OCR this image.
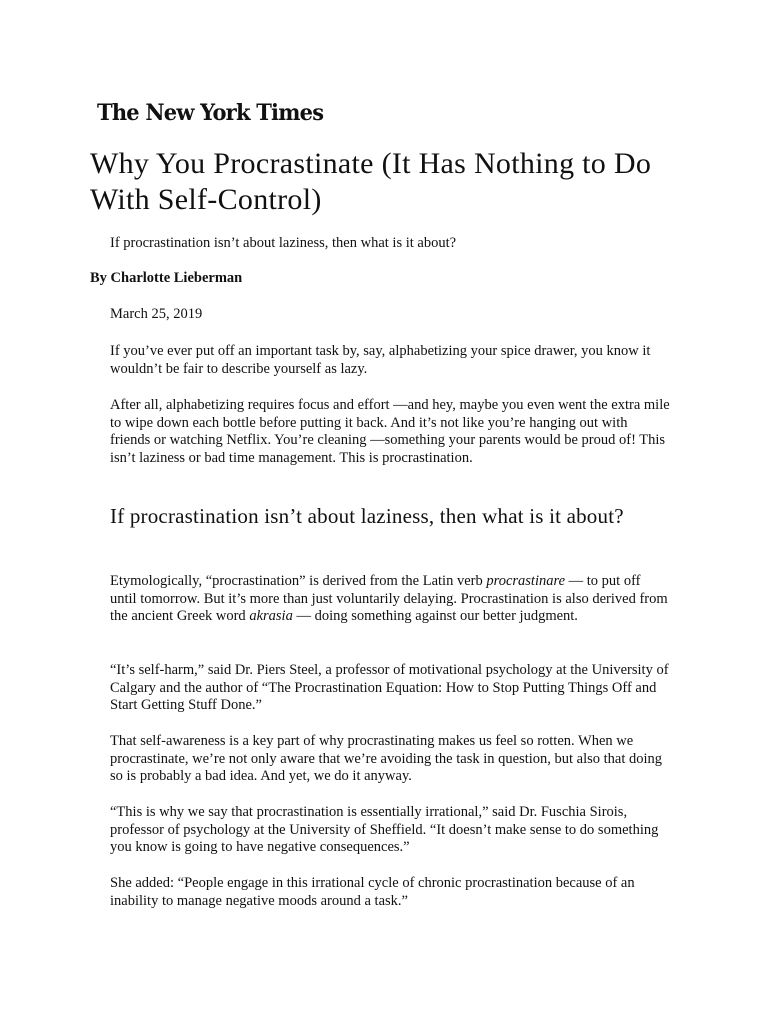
The New York Times
Why You Procrastinate (It Has Nothing to Do With Self-Control)
If procrastination isn’t about laziness, then what is it about?
By Charlotte Lieberman
March 25, 2019

If you’ve ever put off an important task by, say, alphabetizing your spice drawer, you know it wouldn’t be fair to describe yourself as lazy.

After all, alphabetizing requires focus and effort —and hey, maybe you even went the extra mile to wipe down each bottle before putting it back. And it’s not like you’re hanging out with friends or watching Netflix. You’re cleaning —something your parents would be proud of! This isn’t laziness or bad time management. This is procrastination.

If procrastination isn’t about laziness, then what is it about?

Etymologically, “procrastination” is derived from the Latin verb procrastinare — to put off until tomorrow. But it’s more than just voluntarily delaying. Procrastination is also derived from the ancient Greek word akrasia — doing something against our better judgment.

“It’s self-harm,” said Dr. Piers Steel, a professor of motivational psychology at the University of Calgary and the author of “The Procrastination Equation: How to Stop Putting Things Off and Start Getting Stuff Done.”

That self-awareness is a key part of why procrastinating makes us feel so rotten. When we procrastinate, we’re not only aware that we’re avoiding the task in question, but also that doing so is probably a bad idea. And yet, we do it anyway.

“This is why we say that procrastination is essentially irrational,” said Dr. Fuschia Sirois, professor of psychology at the University of Sheffield. “It doesn’t make sense to do something you know is going to have negative consequences.”

She added: “People engage in this irrational cycle of chronic procrastination because of an inability to manage negative moods around a task.”
